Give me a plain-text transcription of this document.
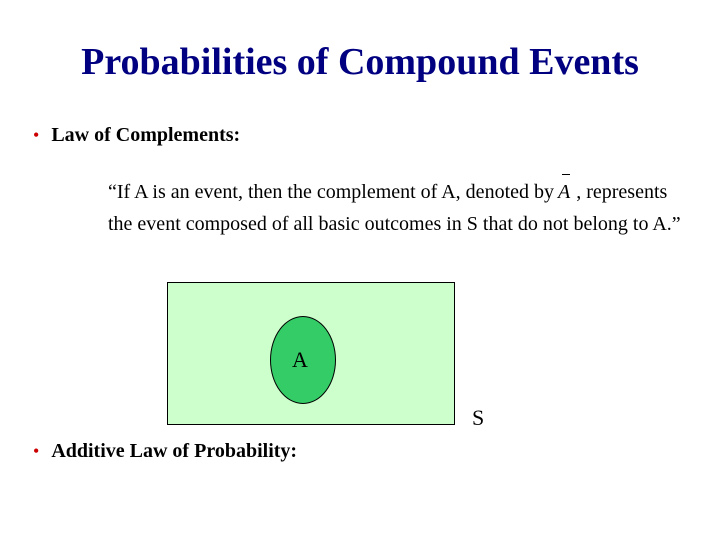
Probabilities of Compound Events
• Law of Complements:
“If A is an event, then the complement of A, denoted by A , represents the event composed of all basic outcomes in S that do not belong to A.”
A
S
• Additive Law of Probability:
